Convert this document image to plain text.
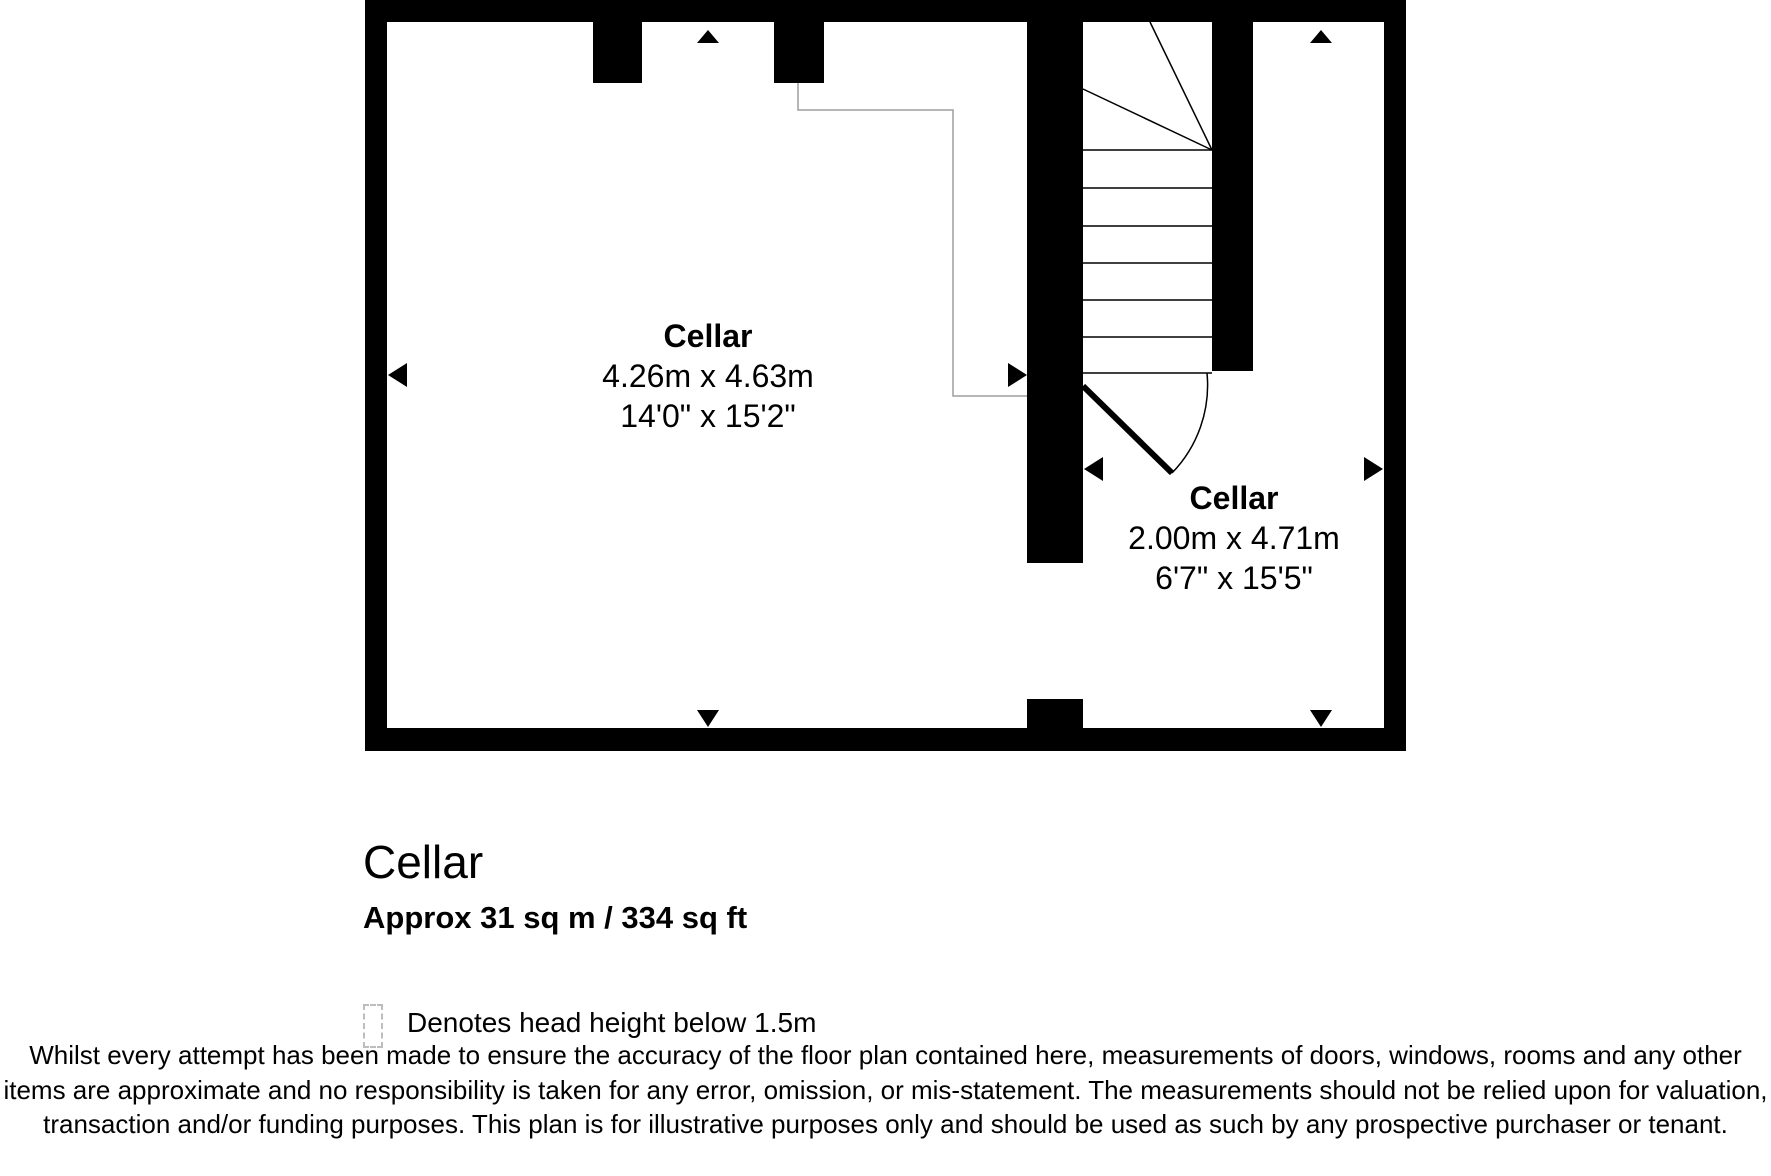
Cellar
4.26m x 4.63m
14'0" x 15'2"
Cellar
2.00m x 4.71m
6'7" x 15'5"
Cellar
Approx 31 sq m / 334 sq ft
Denotes head height below 1.5m
Whilst every attempt has been made to ensure the accuracy of the floor plan contained here, measurements of doors, windows, rooms and any other items are approximate and no responsibility is taken for any error, omission, or mis-statement. The measurements should not be relied upon for valuation, transaction and/or funding purposes. This plan is for illustrative purposes only and should be used as such by any prospective purchaser or tenant.
